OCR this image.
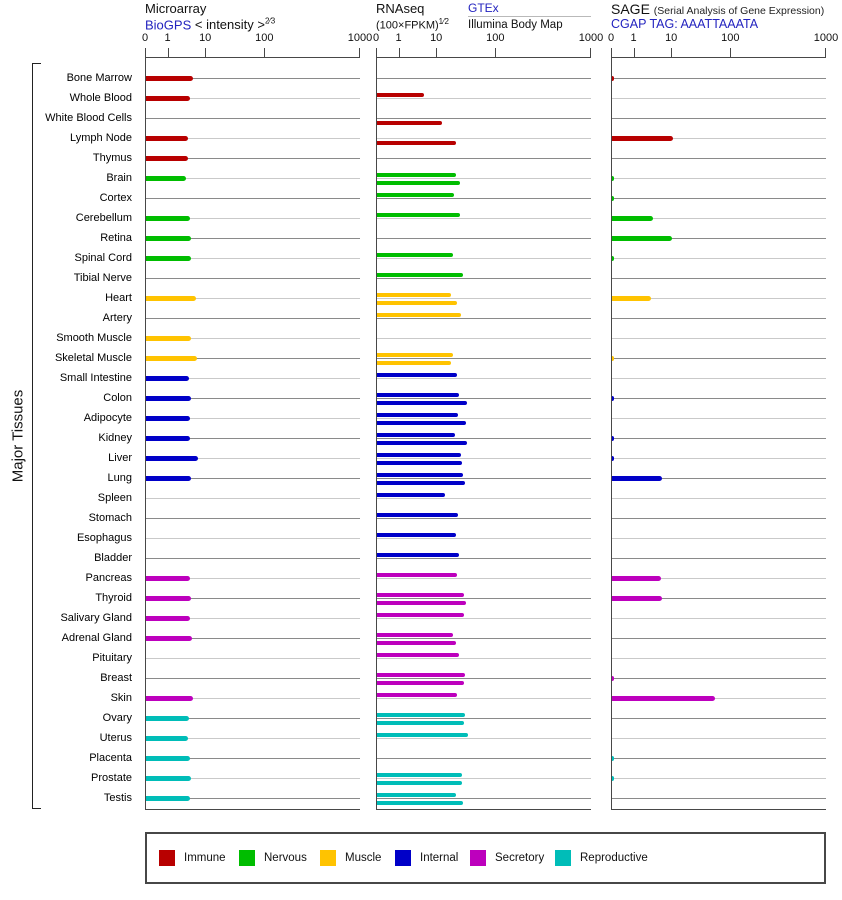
Major Tissues
Bone Marrow
Whole Blood
White Blood Cells
Lymph Node
Thymus
Brain
Cortex
Cerebellum
Retina
Spinal Cord
Tibial Nerve
Heart
Artery
Smooth Muscle
Skeletal Muscle
Small Intestine
Colon
Adipocyte
Kidney
Liver
Lung
Spleen
Stomach
Esophagus
Bladder
Pancreas
Thyroid
Salivary Gland
Adrenal Gland
Pituitary
Breast
Skin
Ovary
Uterus
Placenta
Prostate
Testis
Microarray
BioGPS < intensity >$^{2⁄3}$
0 1	10	100	1000
RNAseq
(100×FPKM)$^{1⁄2}$
GTEx
Illumina Body Map
0 1	10	100	1000
SAGE (Serial Analysis of Gene Expression)
CGAP TAG: AAATTAAATA
0 1	10	100	1000
Immune	Nervous	Muscle	Internal	Secretory	Reproductive
